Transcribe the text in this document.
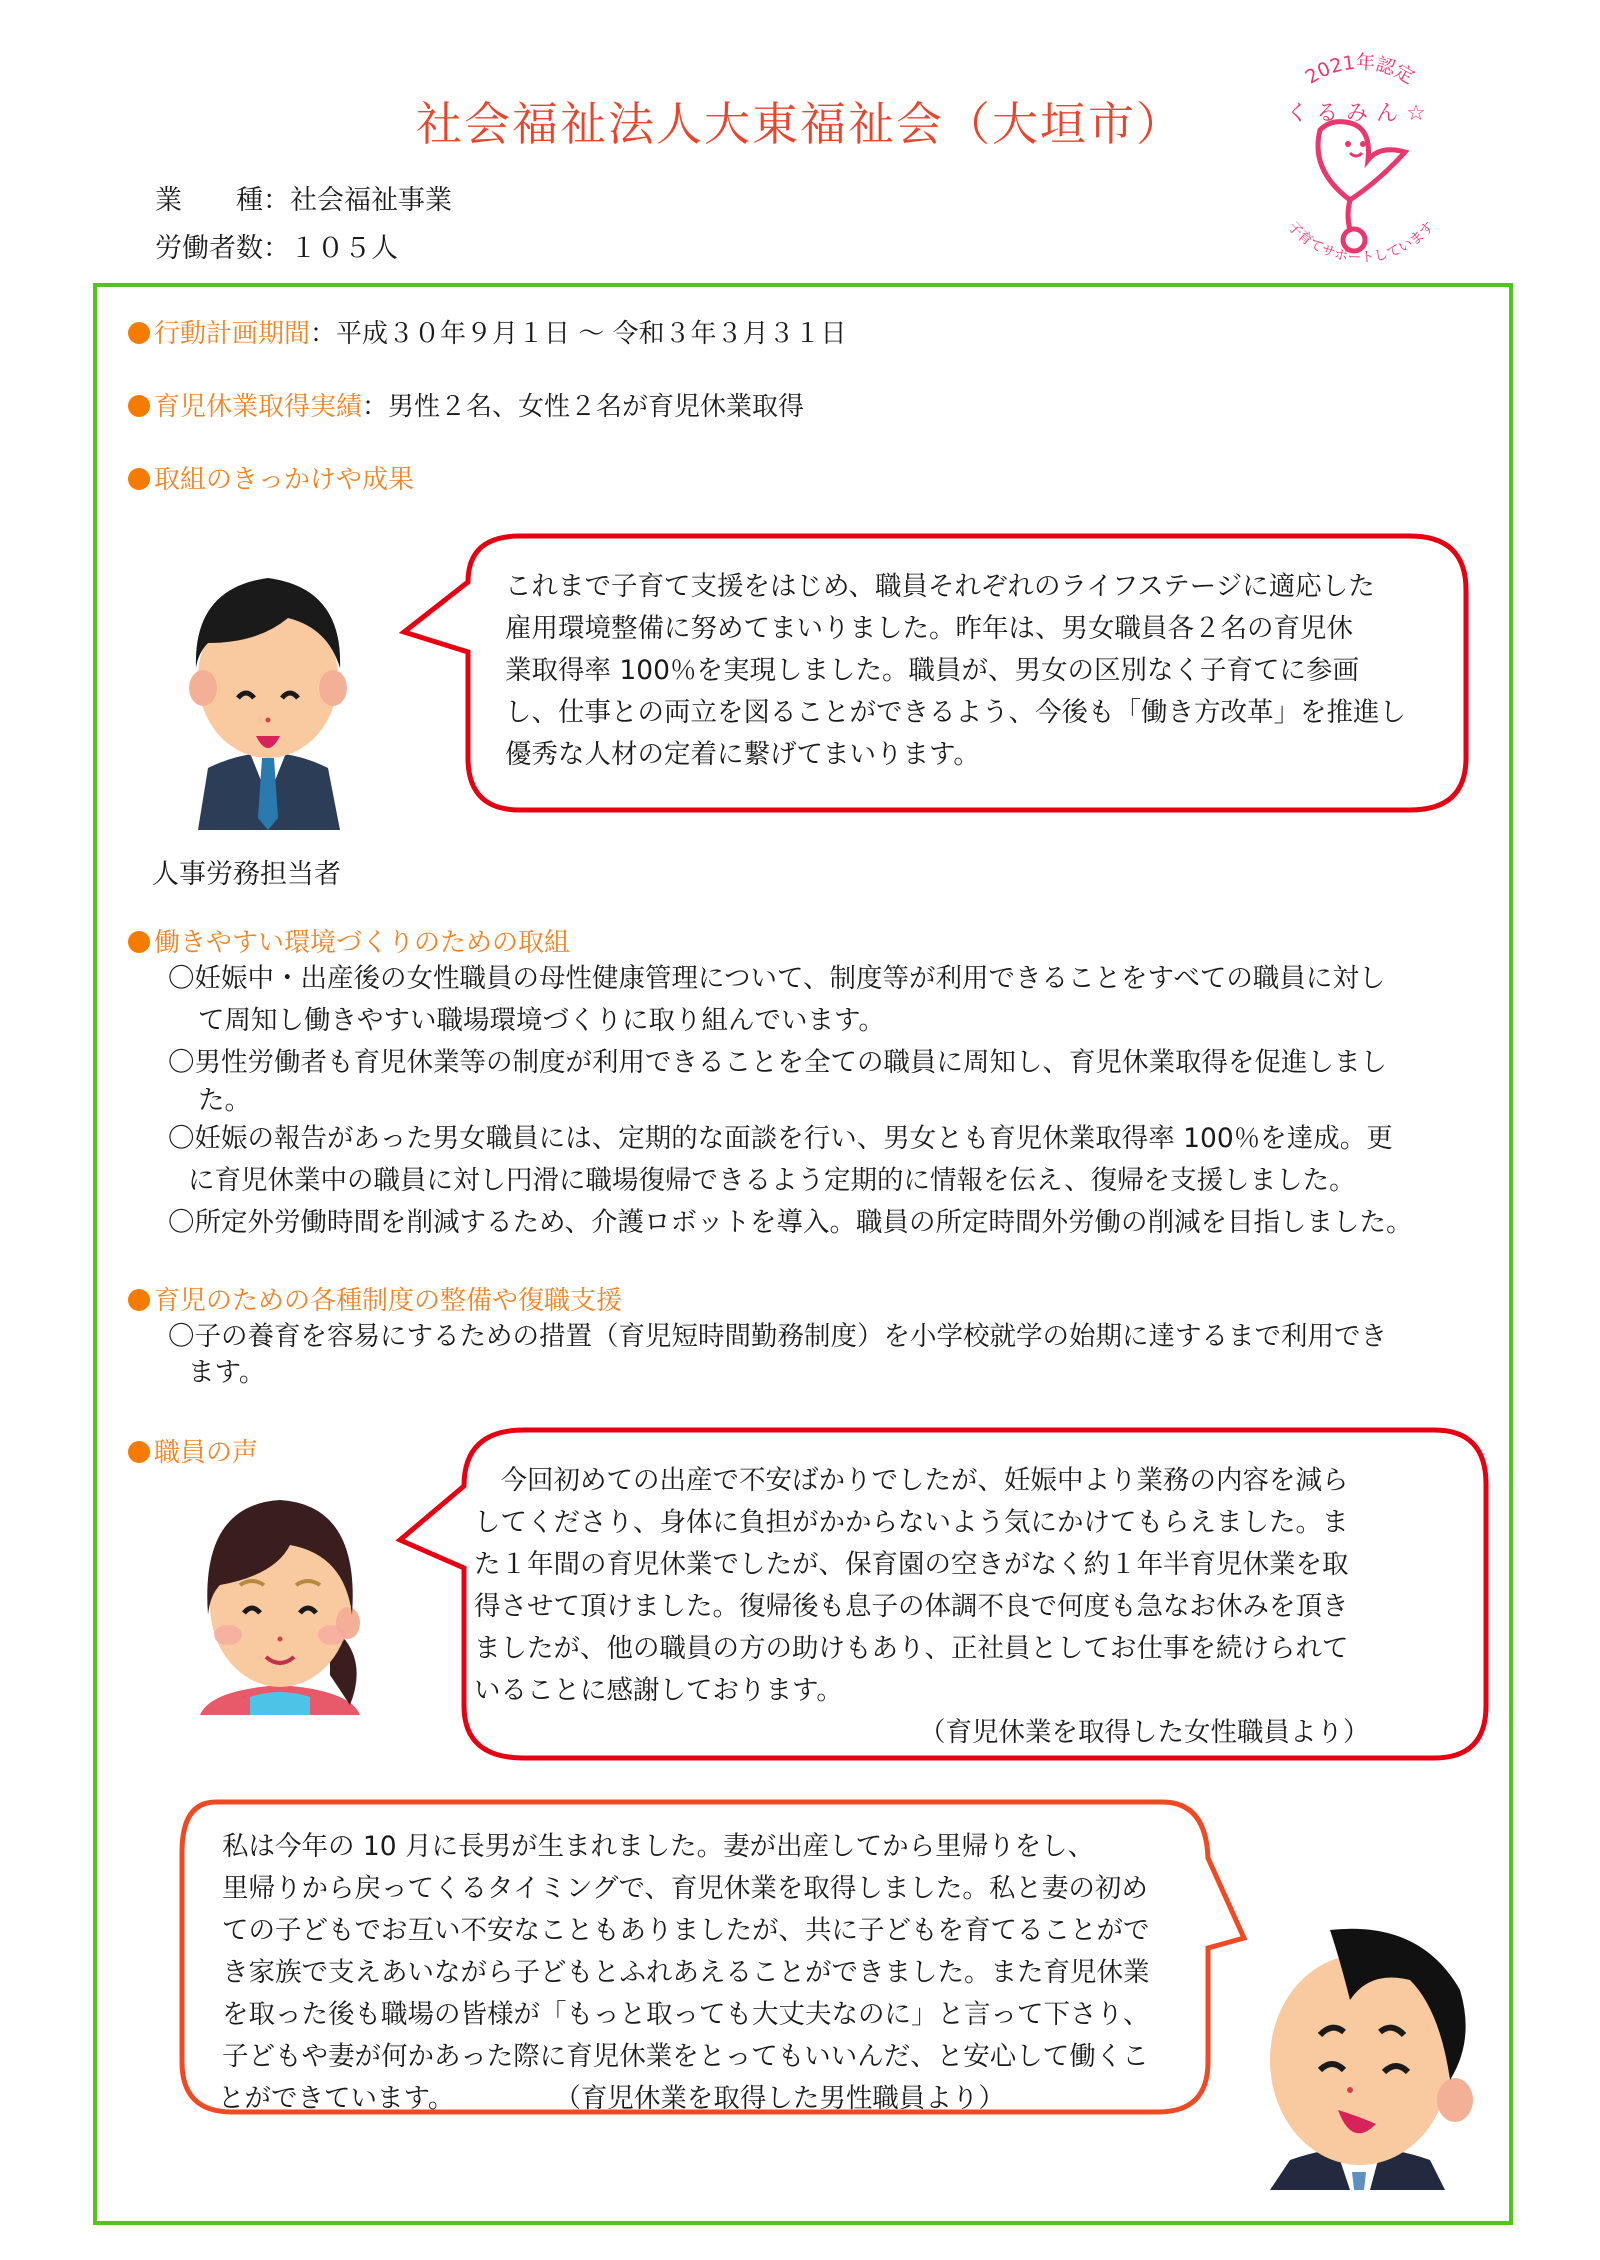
社会福祉法人大東福祉会（大垣市）
業　　種：社会福祉事業
労働者数：１０５人
2021年認定
くるみん☆
子育てサポートしています
行動計画期間：平成３０年９月１日 ～ 令和３年３月３１日
育児休業取得実績：男性２名、女性２名が育児休業取得
取組のきっかけや成果
人事労務担当者

これまで子育て支援をはじめ、職員それぞれのライフステージに適応した

雇用環境整備に努めてまいりました。昨年は、男女職員各２名の育児休

業取得率 100％を実現しました。職員が、男女の区別なく子育てに参画

し、仕事との両立を図ることができるよう、今後も「働き方改革」を推進し

優秀な人材の定着に繋げてまいります。

働きやすい環境づくりのための取組
〇妊娠中・出産後の女性職員の母性健康管理について、制度等が利用できることをすべての職員に対し
て周知し働きやすい職場環境づくりに取り組んでいます。
〇男性労働者も育児休業等の制度が利用できることを全ての職員に周知し、育児休業取得を促進しまし
た。
〇妊娠の報告があった男女職員には、定期的な面談を行い、男女とも育児休業取得率 100％を達成。更
に育児休業中の職員に対し円滑に職場復帰できるよう定期的に情報を伝え、復帰を支援しました。
〇所定外労働時間を削減するため、介護ロボットを導入。職員の所定時間外労働の削減を目指しました。
育児のための各種制度の整備や復職支援
〇子の養育を容易にするための措置（育児短時間勤務制度）を小学校就学の始期に達するまで利用でき
ます。
職員の声

　今回初めての出産で不安ばかりでしたが、妊娠中より業務の内容を減ら

してくださり、身体に負担がかからないよう気にかけてもらえました。ま

た１年間の育児休業でしたが、保育園の空きがなく約１年半育児休業を取

得させて頂けました。復帰後も息子の体調不良で何度も急なお休みを頂き

ましたが、他の職員の方の助けもあり、正社員としてお仕事を続けられて

いることに感謝しております。

（育児休業を取得した女性職員より）

私は今年の 10 月に長男が生まれました。妻が出産してから里帰りをし、

里帰りから戻ってくるタイミングで、育児休業を取得しました。私と妻の初め

ての子どもでお互い不安なこともありましたが、共に子どもを育てることがで

き家族で支えあいながら子どもとふれあえることができました。また育児休業

を取った後も職場の皆様が「もっと取っても大丈夫なのに」と言って下さり、

子どもや妻が何かあった際に育児休業をとってもいいんだ、と安心して働くこ

とができています。	（育児休業を取得した男性職員より）
